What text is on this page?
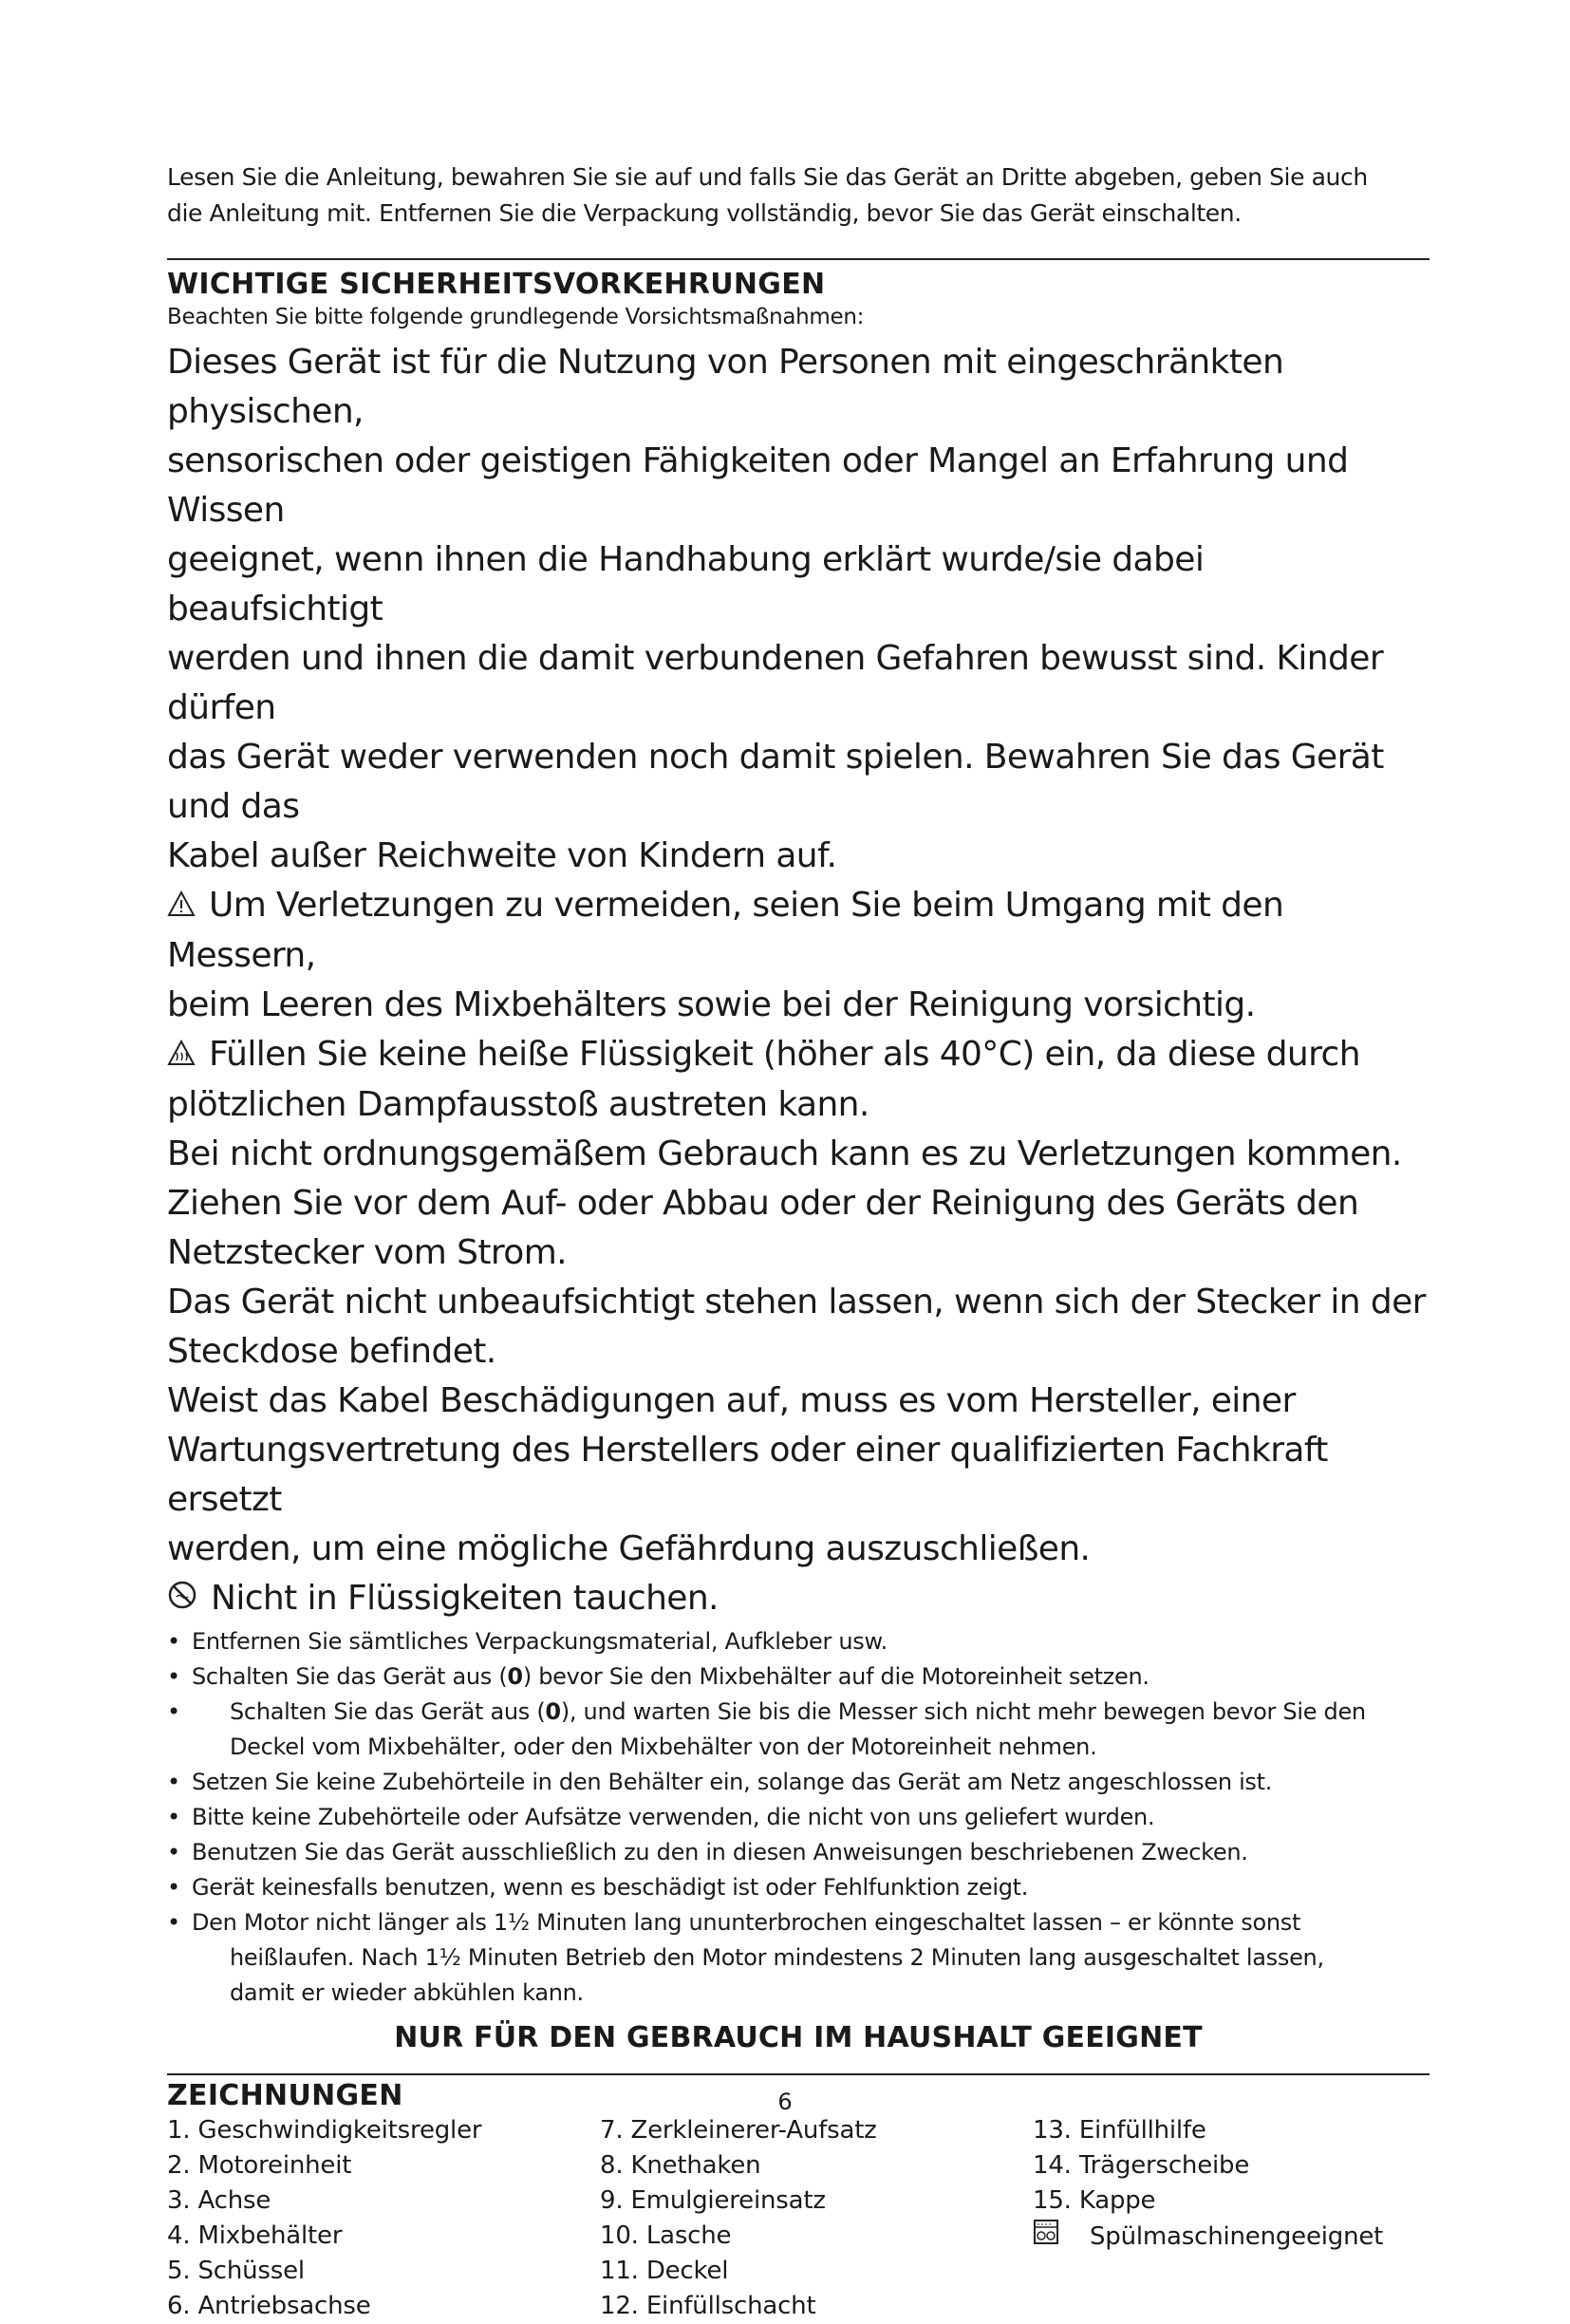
Lesen Sie die Anleitung, bewahren Sie sie auf und falls Sie das Gerät an Dritte abgeben, geben Sie auch

die Anleitung mit. Entfernen Sie die Verpackung vollständig, bevor Sie das Gerät einschalten.

WICHTIGE SICHERHEITSVORKEHRUNGEN

Beachten Sie bitte folgende grundlegende Vorsichtsmaßnahmen:

Dieses Gerät ist für die Nutzung von Personen mit eingeschränkten physischen,

sensorischen oder geistigen Fähigkeiten oder Mangel an Erfahrung und Wissen

geeignet, wenn ihnen die Handhabung erklärt wurde/sie dabei beaufsichtigt

werden und ihnen die damit verbundenen Gefahren bewusst sind. Kinder dürfen

das Gerät weder verwenden noch damit spielen. Bewahren Sie das Gerät und das

Kabel außer Reichweite von Kindern auf.

Um Verletzungen zu vermeiden, seien Sie beim Umgang mit den Messern,

beim Leeren des Mixbehälters sowie bei der Reinigung vorsichtig.

Füllen Sie keine heiße Flüssigkeit (höher als 40°C) ein, da diese durch

plötzlichen Dampfausstoß austreten kann.

Bei nicht ordnungsgemäßem Gebrauch kann es zu Verletzungen kommen.

Ziehen Sie vor dem Auf- oder Abbau oder der Reinigung des Geräts den

Netzstecker vom Strom.

Das Gerät nicht unbeaufsichtigt stehen lassen, wenn sich der Stecker in der

Steckdose befindet.

Weist das Kabel Beschädigungen auf, muss es vom Hersteller, einer

Wartungsvertretung des Herstellers oder einer qualifizierten Fachkraft ersetzt

werden, um eine mögliche Gefährdung auszuschließen.

Nicht in Flüssigkeiten tauchen.

• Entfernen Sie sämtliches Verpackungsmaterial, Aufkleber usw.
• Schalten Sie das Gerät aus (0) bevor Sie den Mixbehälter auf die Motoreinheit setzen.
• Schalten Sie das Gerät aus (0), und warten Sie bis die Messer sich nicht mehr bewegen bevor Sie den
Deckel vom Mixbehälter, oder den Mixbehälter von der Motoreinheit nehmen.
• Setzen Sie keine Zubehörteile in den Behälter ein, solange das Gerät am Netz angeschlossen ist.
• Bitte keine Zubehörteile oder Aufsätze verwenden, die nicht von uns geliefert wurden.
• Benutzen Sie das Gerät ausschließlich zu den in diesen Anweisungen beschriebenen Zwecken.
• Gerät keinesfalls benutzen, wenn es beschädigt ist oder Fehlfunktion zeigt.
• Den Motor nicht länger als 1½ Minuten lang ununterbrochen eingeschaltet lassen – er könnte sonst
heißlaufen. Nach 1½ Minuten Betrieb den Motor mindestens 2 Minuten lang ausgeschaltet lassen,
damit er wieder abkühlen kann.
NUR FÜR DEN GEBRAUCH IM HAUSHALT GEEIGNET
ZEICHNUNGEN
1. Geschwindigkeitsregler
2. Motoreinheit
3. Achse
4. Mixbehälter
5. Schüssel
6. Antriebsachse
7. Zerkleinerer-Aufsatz
8. Knethaken
9. Emulgiereinsatz
10. Lasche
11. Deckel
12. Einfüllschacht
13. Einfüllhilfe
14. Trägerscheibe
15. Kappe
Spülmaschinengeeignet
6
